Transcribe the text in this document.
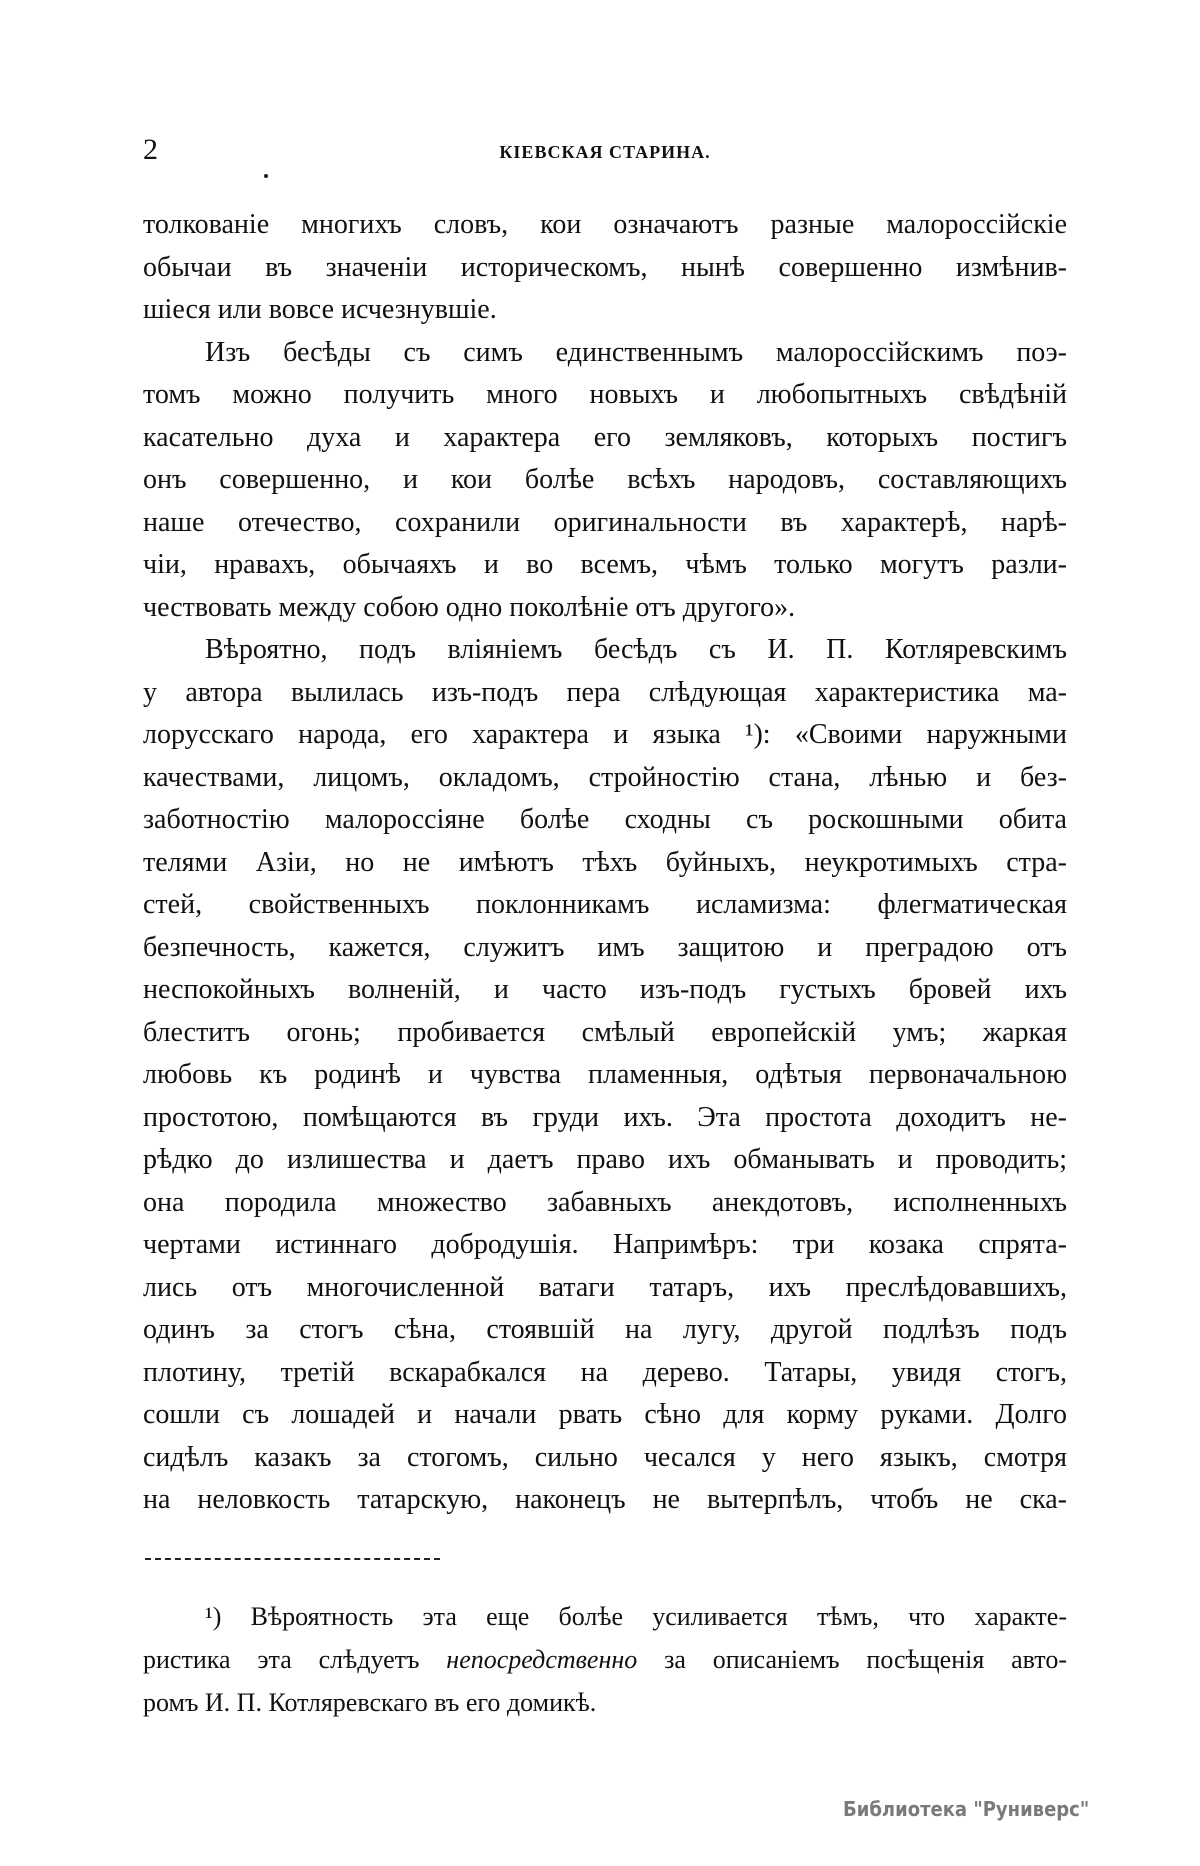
2	КІЕВСКАЯ СТАРИНА.
толкованіе многихъ словъ, кои означаютъ разные малороссійскіе
обычаи въ значеніи историческомъ, нынѣ совершенно измѣнив-
шіеся или вовсе исчезнувшіе.
Изъ бесѣды съ симъ единственнымъ малороссійскимъ поэ-
томъ можно получить много новыхъ и любопытныхъ свѣдѣній
касательно духа и характера его земляковъ, которыхъ постигъ
онъ совершенно, и кои болѣе всѣхъ народовъ, составляющихъ
наше отечество, сохранили оригинальности въ характерѣ, нарѣ-
чіи, нравахъ, обычаяхъ и во всемъ, чѣмъ только могутъ разли-
чествовать между собою одно поколѣніе отъ другого».
Вѣроятно, подъ вліяніемъ бесѣдъ съ И. П. Котляревскимъ
у автора вылилась изъ-подъ пера слѣдующая характеристика ма-
лорусскаго народа, его характера и языка ¹): «Своими наружными
качествами, лицомъ, окладомъ, стройностію стана, лѣнью и без-
заботностію малороссіяне болѣе сходны съ роскошными обита
телями Азіи, но не имѣютъ тѣхъ буйныхъ, неукротимыхъ стра-
стей, свойственныхъ поклонникамъ исламизма: флегматическая
безпечность, кажется, служитъ имъ защитою и преградою отъ
неспокойныхъ волненій, и часто изъ-подъ густыхъ бровей ихъ
блеститъ огонь; пробивается смѣлый европейскій умъ; жаркая
любовь къ родинѣ и чувства пламенныя, одѣтыя первоначальною
простотою, помѣщаются въ груди ихъ. Эта простота доходитъ не-
рѣдко до излишества и даетъ право ихъ обманывать и проводить;
она породила множество забавныхъ анекдотовъ, исполненныхъ
чертами истиннаго добродушія. Напримѣръ: три козака спрята-
лись отъ многочисленной ватаги татаръ, ихъ преслѣдовавшихъ,
одинъ за стогъ сѣна, стоявшій на лугу, другой подлѣзъ подъ
плотину, третій вскарабкался на дерево. Татары, увидя стогъ,
сошли съ лошадей и начали рвать сѣно для корму руками. Долго
сидѣлъ казакъ за стогомъ, сильно чесался у него языкъ, смотря
на неловкость татарскую, наконецъ не вытерпѣлъ, чтобъ не ска-
¹) Вѣроятность эта еще болѣе усиливается тѣмъ, что характе-
ристика эта слѣдуетъ непосредственно за описаніемъ посѣщенія авто-
ромъ И. П. Котляревскаго въ его домикѣ.
Библиотека "Руниверс"
